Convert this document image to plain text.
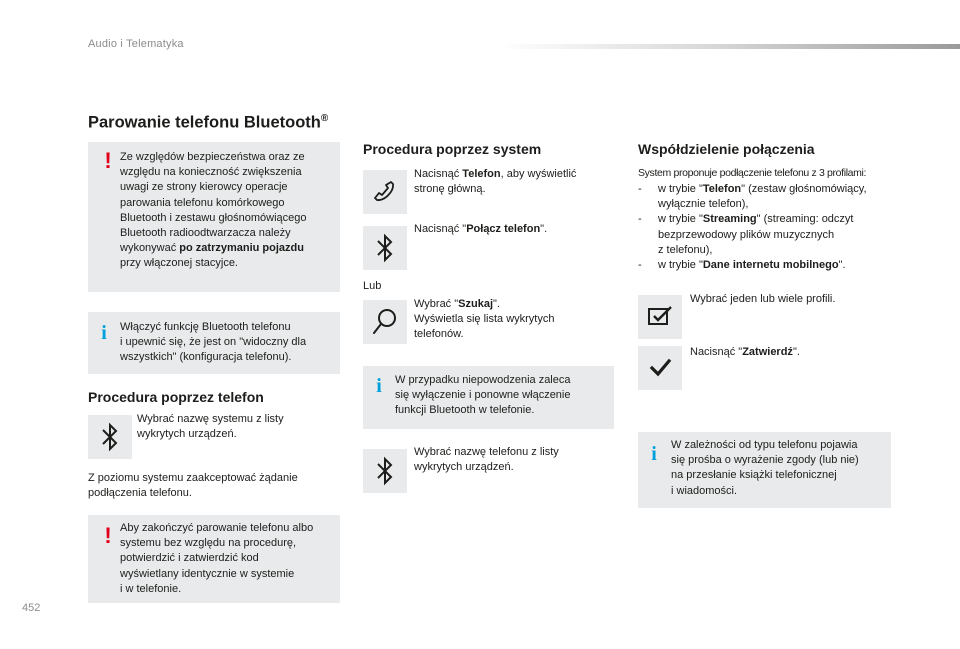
Audio i Telematyka
452
Parowanie telefonu Bluetooth®
! Ze względów bezpieczeństwa oraz ze
względu na konieczność zwiększenia
uwagi ze strony kierowcy operacje
parowania telefonu komórkowego
Bluetooth i zestawu głośnomówiącego
Bluetooth radioodtwarzacza należy
wykonywać po zatrzymaniu pojazdu
przy włączonej stacyjce.
i Włączyć funkcję Bluetooth telefonu
i upewnić się, że jest on "widoczny dla
wszystkich" (konfiguracja telefonu).
Procedura poprzez telefon
Wybrać nazwę systemu z listy
wykrytych urządzeń.
Z poziomu systemu zaakceptować żądanie
podłączenia telefonu.
! Aby zakończyć parowanie telefonu albo
systemu bez względu na procedurę,
potwierdzić i zatwierdzić kod
wyświetlany identycznie w systemie
i w telefonie.
Procedura poprzez system
Nacisnąć Telefon, aby wyświetlić
stronę główną.
Nacisnąć "Połącz telefon".
Lub
Wybrać "Szukaj".
Wyświetla się lista wykrytych
telefonów.
i W przypadku niepowodzenia zaleca
się wyłączenie i ponowne włączenie
funkcji Bluetooth w telefonie.
Wybrać nazwę telefonu z listy
wykrytych urządzeń.
Współdzielenie połączenia
System proponuje podłączenie telefonu z 3 profilami:
-	w trybie "Telefon" (zestaw głośnomówiący,
wyłącznie telefon),
-	w trybie "Streaming" (streaming: odczyt
bezprzewodowy plików muzycznych
z telefonu),
-	w trybie "Dane internetu mobilnego".
Wybrać jeden lub wiele profili.
Nacisnąć "Zatwierdź".
i W zależności od typu telefonu pojawia
się prośba o wyrażenie zgody (lub nie)
na przesłanie książki telefonicznej
i wiadomości.
